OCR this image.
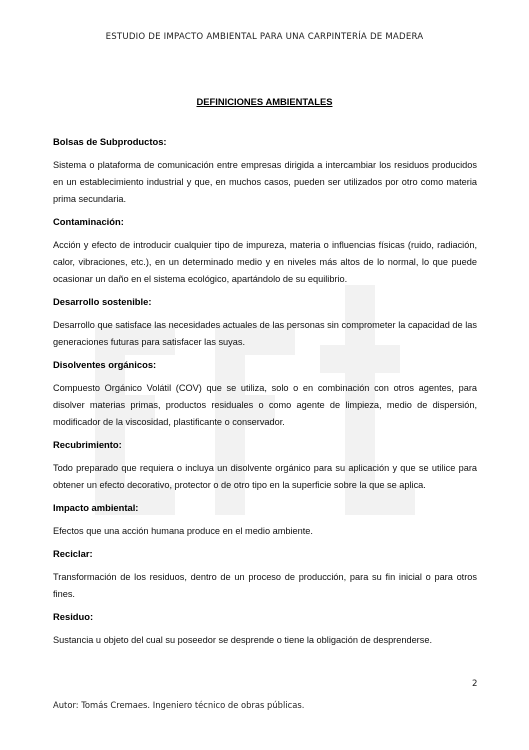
ESTUDIO DE IMPACTO AMBIENTAL PARA UNA CARPINTERÍA DE MADERA
DEFINICIONES AMBIENTALES

Bolsas de Subproductos:

Sistema o plataforma de comunicación entre empresas dirigida a intercambiar los residuos producidos en un establecimiento industrial y que, en muchos casos, pueden ser utilizados por otro como materia prima secundaria.

Contaminación:

Acción y efecto de introducir cualquier tipo de impureza, materia o influencias físicas (ruido, radiación, calor, vibraciones, etc.), en un determinado medio y en niveles más altos de lo normal, lo que puede ocasionar un daño en el sistema ecológico, apartándolo de su equilibrio.

Desarrollo sostenible:

Desarrollo que satisface las necesidades actuales de las personas sin comprometer la capacidad de las generaciones futuras para satisfacer las suyas.

Disolventes orgánicos:

Compuesto Orgánico Volátil (COV) que se utiliza, solo o en combinación con otros agentes, para disolver materias primas, productos residuales o como agente de limpieza, medio de dispersión, modificador de la viscosidad, plastificante o conservador.

Recubrimiento:

Todo preparado que requiera o incluya un disolvente orgánico para su aplicación y que se utilice para obtener un efecto decorativo, protector o de otro tipo en la superficie sobre la que se aplica.

Impacto ambiental:

Efectos que una acción humana produce en el medio ambiente.

Reciclar:

Transformación de los residuos, dentro de un proceso de producción, para su fin inicial o para otros fines.

Residuo:

Sustancia u objeto del cual su poseedor se desprende o tiene la obligación de desprenderse.

2
Autor: Tomás Cremaes. Ingeniero técnico de obras públicas.
